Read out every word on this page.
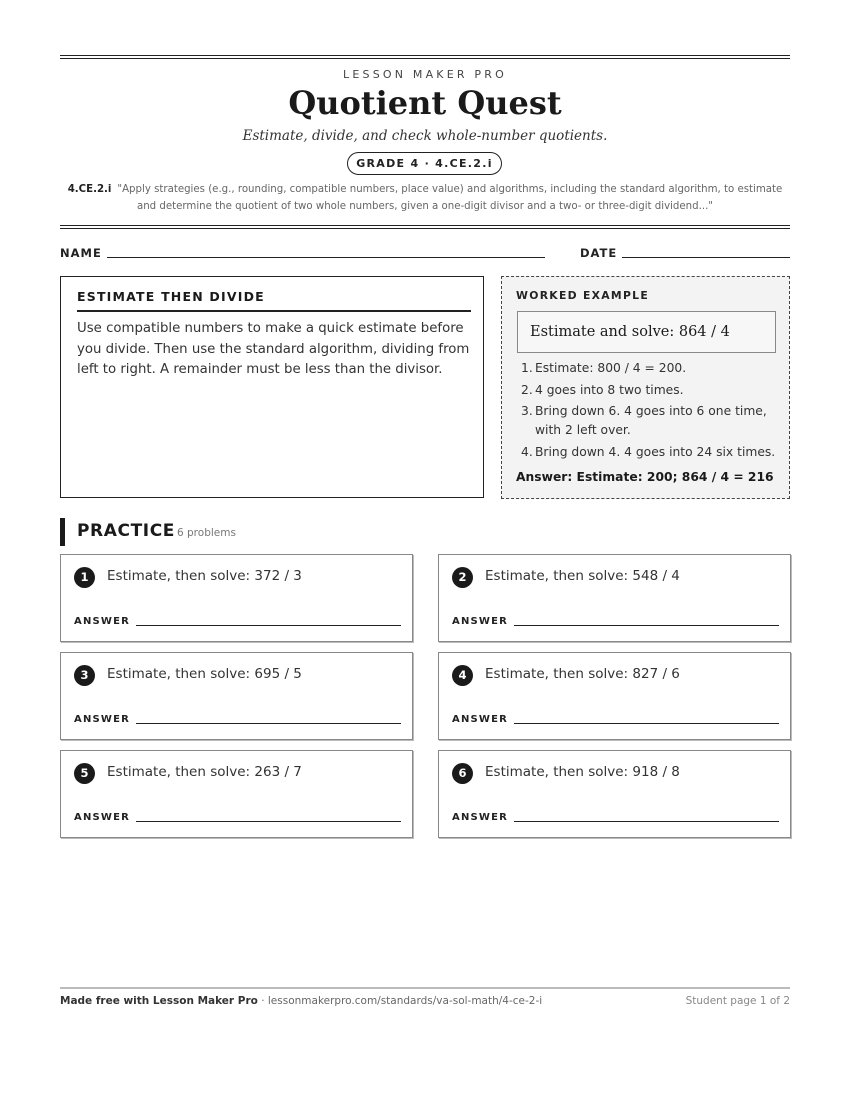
LESSON MAKER PRO
Quotient Quest
Estimate, divide, and check whole-number quotients.
GRADE 4 · 4.CE.2.i
4.CE.2.i "Apply strategies (e.g., rounding, compatible numbers, place value) and algorithms, including the standard algorithm, to estimate and determine the quotient of two whole numbers, given a one-digit divisor and a two- or three-digit dividend..."
NAME	DATE
ESTIMATE THEN DIVIDE

Use compatible numbers to make a quick estimate before you divide. Then use the standard algorithm, dividing from left to right. A remainder must be less than the divisor.

WORKED EXAMPLE
Estimate and solve: 864 / 4
1. Estimate: 800 / 4 = 200.
2. 4 goes into 8 two times.
3. Bring down 6. 4 goes into 6 one time, with 2 left over.
4. Bring down 4. 4 goes into 24 six times.
Answer: Estimate: 200; 864 / 4 = 216
PRACTICE 6 problems
1	Estimate, then solve: 372 / 3
ANSWER
2	Estimate, then solve: 548 / 4
ANSWER
3	Estimate, then solve: 695 / 5
ANSWER
4	Estimate, then solve: 827 / 6
ANSWER
5	Estimate, then solve: 263 / 7
ANSWER
6	Estimate, then solve: 918 / 8
ANSWER
Made free with Lesson Maker Pro · lessonmakerpro.com/standards/va-sol-math/4-ce-2-i	Student page 1 of 2
